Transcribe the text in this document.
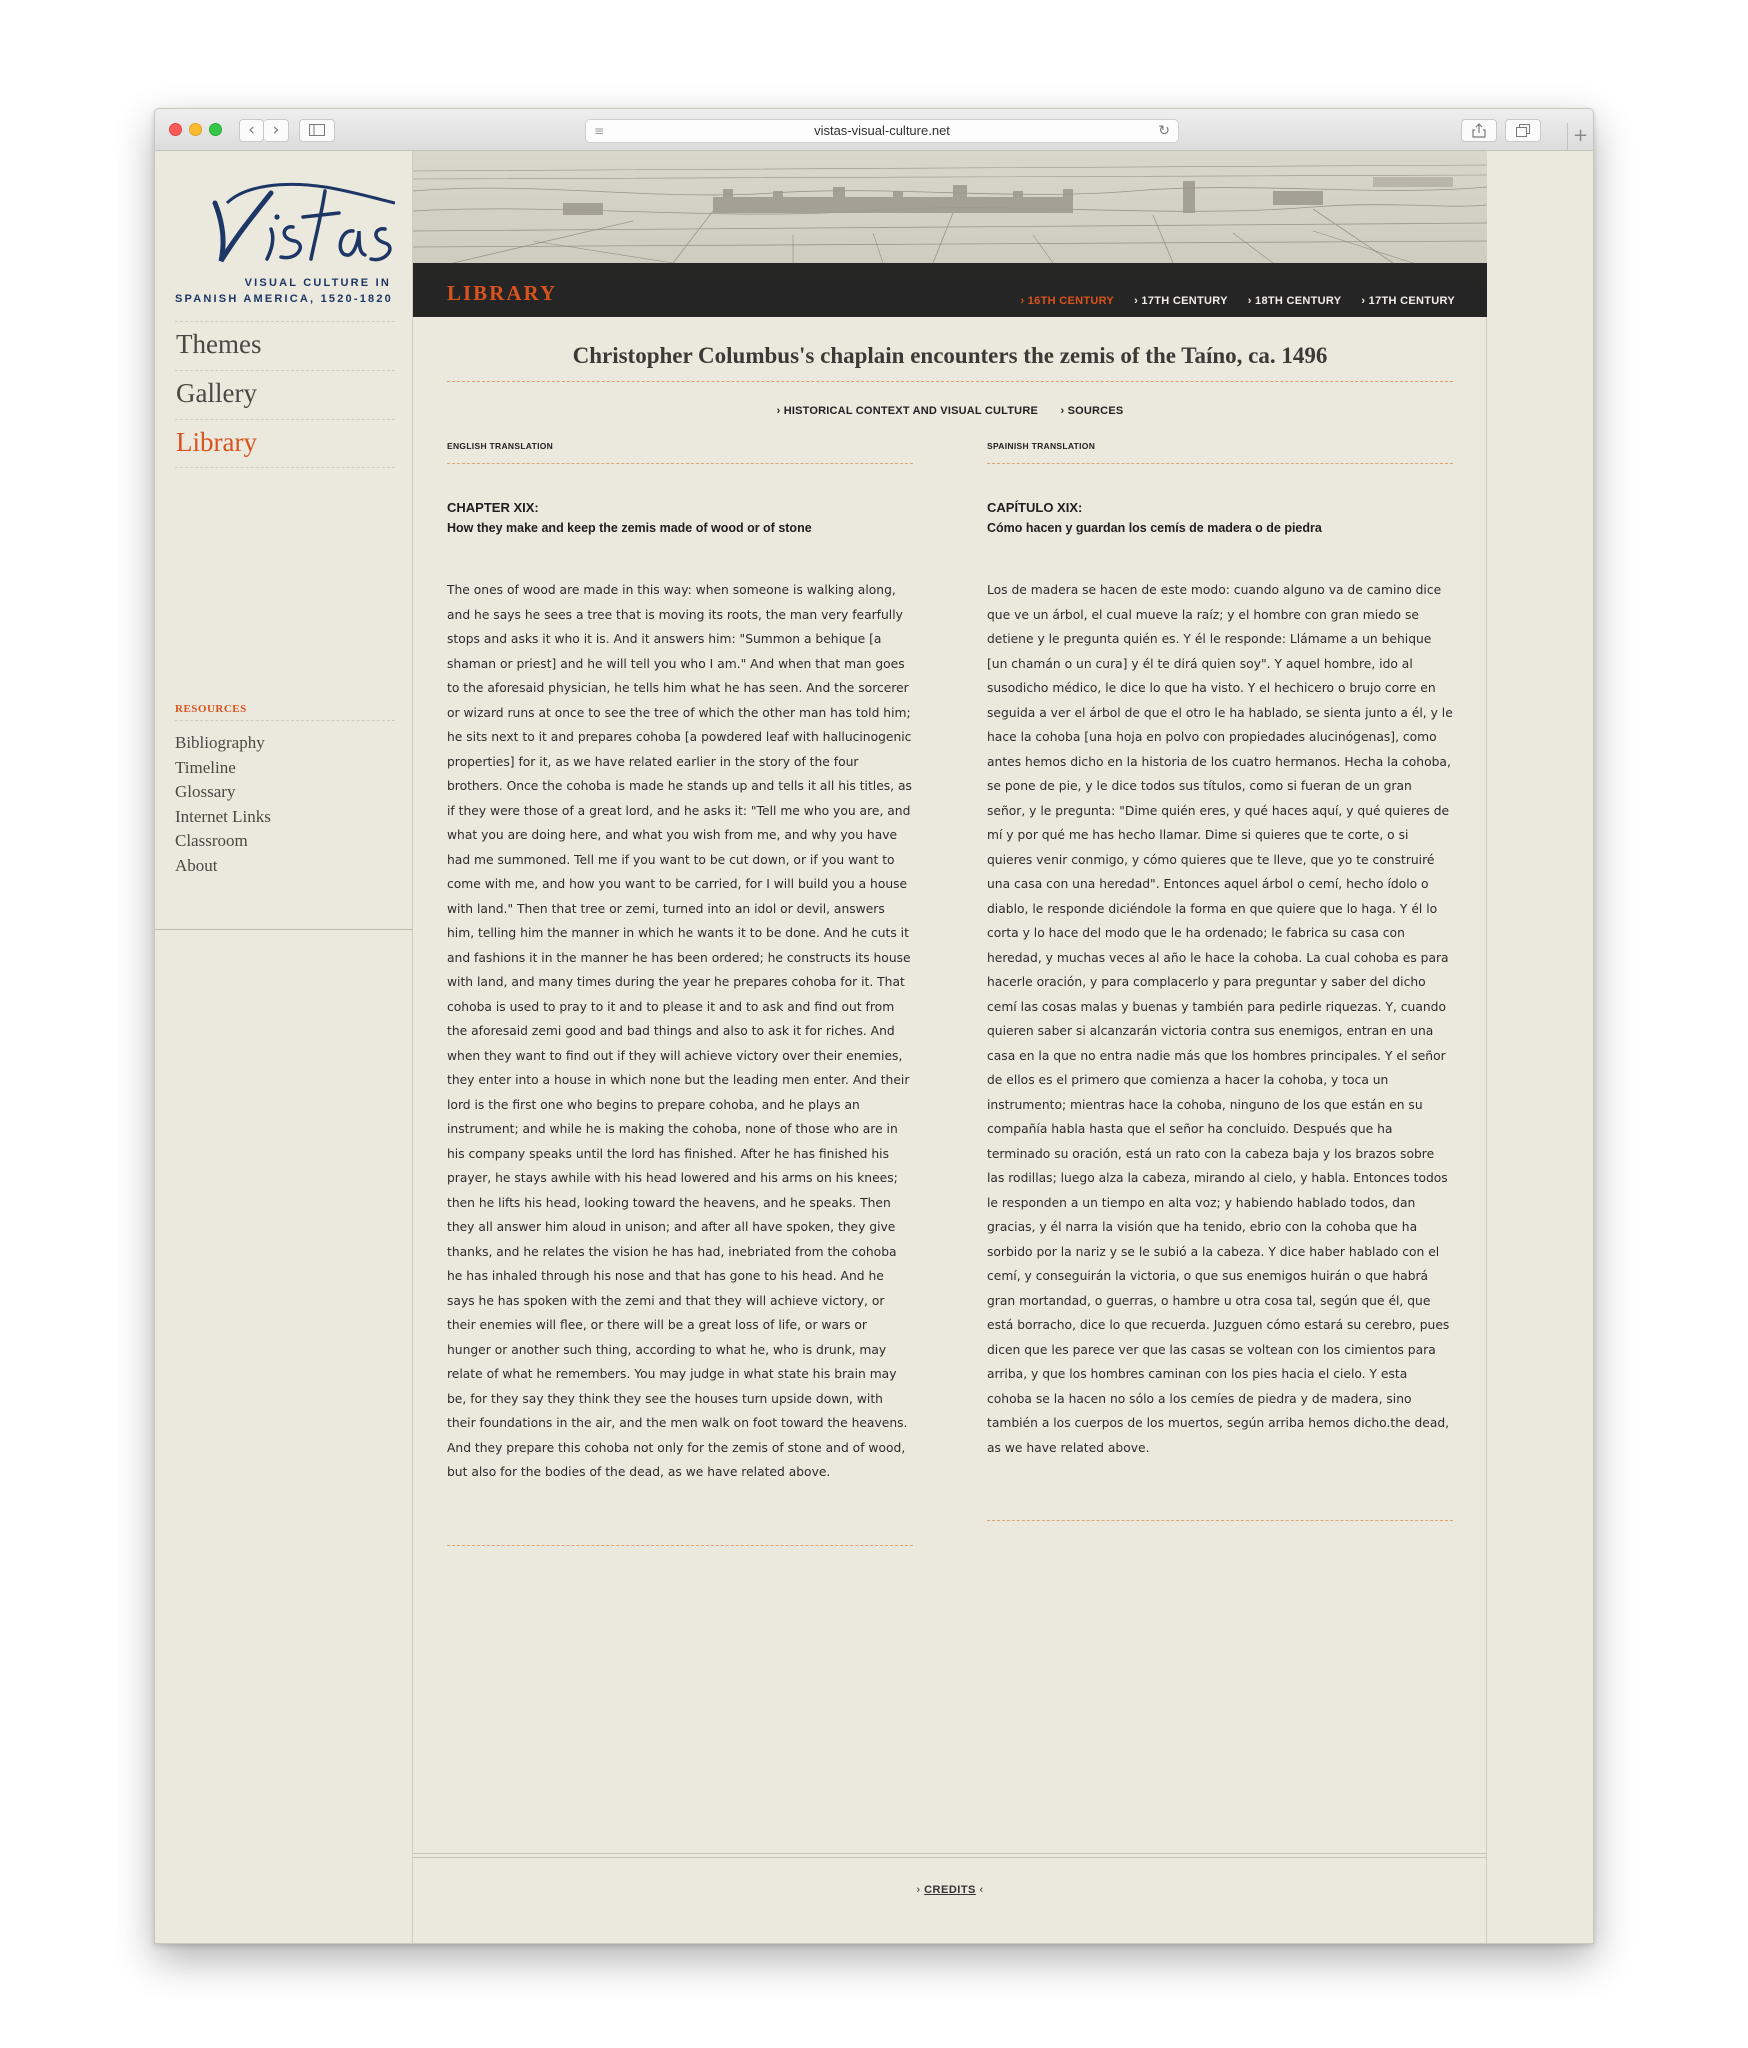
‹	›	≡	vistas-visual-culture.net	↻	+
VISUAL CULTURE IN
SPANISH AMERICA, 1520-1820
Themes
Gallery
Library
RESOURCES
Bibliography
Timeline
Glossary
Internet Links
Classroom
About
LIBRARY	› 16TH CENTURY › 17TH CENTURY › 18TH CENTURY › 17TH CENTURY
Christopher Columbus's chaplain encounters the zemis of the Taíno, ca. 1496
› HISTORICAL CONTEXT AND VISUAL CULTURE › SOURCES
ENGLISH TRANSLATION
CHAPTER XIX:
How they make and keep the zemis made of wood or of stone

The ones of wood are made in this way: when someone is walking along, and he says he sees a tree that is moving its roots, the man very fearfully stops and asks it who it is. And it answers him: "Summon a behique [a shaman or priest] and he will tell you who I am." And when that man goes to the aforesaid physician, he tells him what he has seen. And the sorcerer or wizard runs at once to see the tree of which the other man has told him; he sits next to it and prepares cohoba [a powdered leaf with hallucinogenic properties] for it, as we have related earlier in the story of the four brothers. Once the cohoba is made he stands up and tells it all his titles, as if they were those of a great lord, and he asks it: "Tell me who you are, and what you are doing here, and what you wish from me, and why you have had me summoned. Tell me if you want to be cut down, or if you want to come with me, and how you want to be carried, for I will build you a house with land." Then that tree or zemi, turned into an idol or devil, answers him, telling him the manner in which he wants it to be done. And he cuts it and fashions it in the manner he has been ordered; he constructs its house with land, and many times during the year he prepares cohoba for it. That cohoba is used to pray to it and to please it and to ask and find out from the aforesaid zemi good and bad things and also to ask it for riches. And when they want to find out if they will achieve victory over their enemies, they enter into a house in which none but the leading men enter. And their lord is the first one who begins to prepare cohoba, and he plays an instrument; and while he is making the cohoba, none of those who are in his company speaks until the lord has finished. After he has finished his prayer, he stays awhile with his head lowered and his arms on his knees; then he lifts his head, looking toward the heavens, and he speaks. Then they all answer him aloud in unison; and after all have spoken, they give thanks, and he relates the vision he has had, inebriated from the cohoba he has inhaled through his nose and that has gone to his head. And he says he has spoken with the zemi and that they will achieve victory, or their enemies will flee, or there will be a great loss of life, or wars or hunger or another such thing, according to what he, who is drunk, may relate of what he remembers. You may judge in what state his brain may be, for they say they think they see the houses turn upside down, with their foundations in the air, and the men walk on foot toward the heavens. And they prepare this cohoba not only for the zemis of stone and of wood, but also for the bodies of the dead, as we have related above.

SPAINISH TRANSLATION
CAPÍTULO XIX:
Cómo hacen y guardan los cemís de madera o de piedra

Los de madera se hacen de este modo: cuando alguno va de camino dice que ve un árbol, el cual mueve la raíz; y el hombre con gran miedo se detiene y le pregunta quién es. Y él le responde: Llámame a un behique [un chamán o un cura] y él te dirá quien soy". Y aquel hombre, ido al susodicho médico, le dice lo que ha visto. Y el hechicero o brujo corre en seguida a ver el árbol de que el otro le ha hablado, se sienta junto a él, y le hace la cohoba [una hoja en polvo con propiedades alucinógenas], como antes hemos dicho en la historia de los cuatro hermanos. Hecha la cohoba, se pone de pie, y le dice todos sus títulos, como si fueran de un gran señor, y le pregunta: "Dime quién eres, y qué haces aquí, y qué quieres de mí y por qué me has hecho llamar. Dime si quieres que te corte, o si quieres venir conmigo, y cómo quieres que te lleve, que yo te construiré una casa con una heredad". Entonces aquel árbol o cemí, hecho ídolo o diablo, le responde diciéndole la forma en que quiere que lo haga. Y él lo corta y lo hace del modo que le ha ordenado; le fabrica su casa con heredad, y muchas veces al año le hace la cohoba. La cual cohoba es para hacerle oración, y para complacerlo y para preguntar y saber del dicho cemí las cosas malas y buenas y también para pedirle riquezas. Y, cuando quieren saber si alcanzarán victoria contra sus enemigos, entran en una casa en la que no entra nadie más que los hombres principales. Y el señor de ellos es el primero que comienza a hacer la cohoba, y toca un instrumento; mientras hace la cohoba, ninguno de los que están en su compañía habla hasta que el señor ha concluido. Después que ha terminado su oración, está un rato con la cabeza baja y los brazos sobre las rodillas; luego alza la cabeza, mirando al cielo, y habla. Entonces todos le responden a un tiempo en alta voz; y habiendo hablado todos, dan gracias, y él narra la visión que ha tenido, ebrio con la cohoba que ha sorbido por la nariz y se le subió a la cabeza. Y dice haber hablado con el cemí, y conseguirán la victoria, o que sus enemigos huirán o que habrá gran mortandad, o guerras, o hambre u otra cosa tal, según que él, que está borracho, dice lo que recuerda. Juzguen cómo estará su cerebro, pues dicen que les parece ver que las casas se voltean con los cimientos para arriba, y que los hombres caminan con los pies hacia el cielo. Y esta cohoba se la hacen no sólo a los cemíes de piedra y de madera, sino también a los cuerpos de los muertos, según arriba hemos dicho.the dead, as we have related above.

› CREDITS ‹
